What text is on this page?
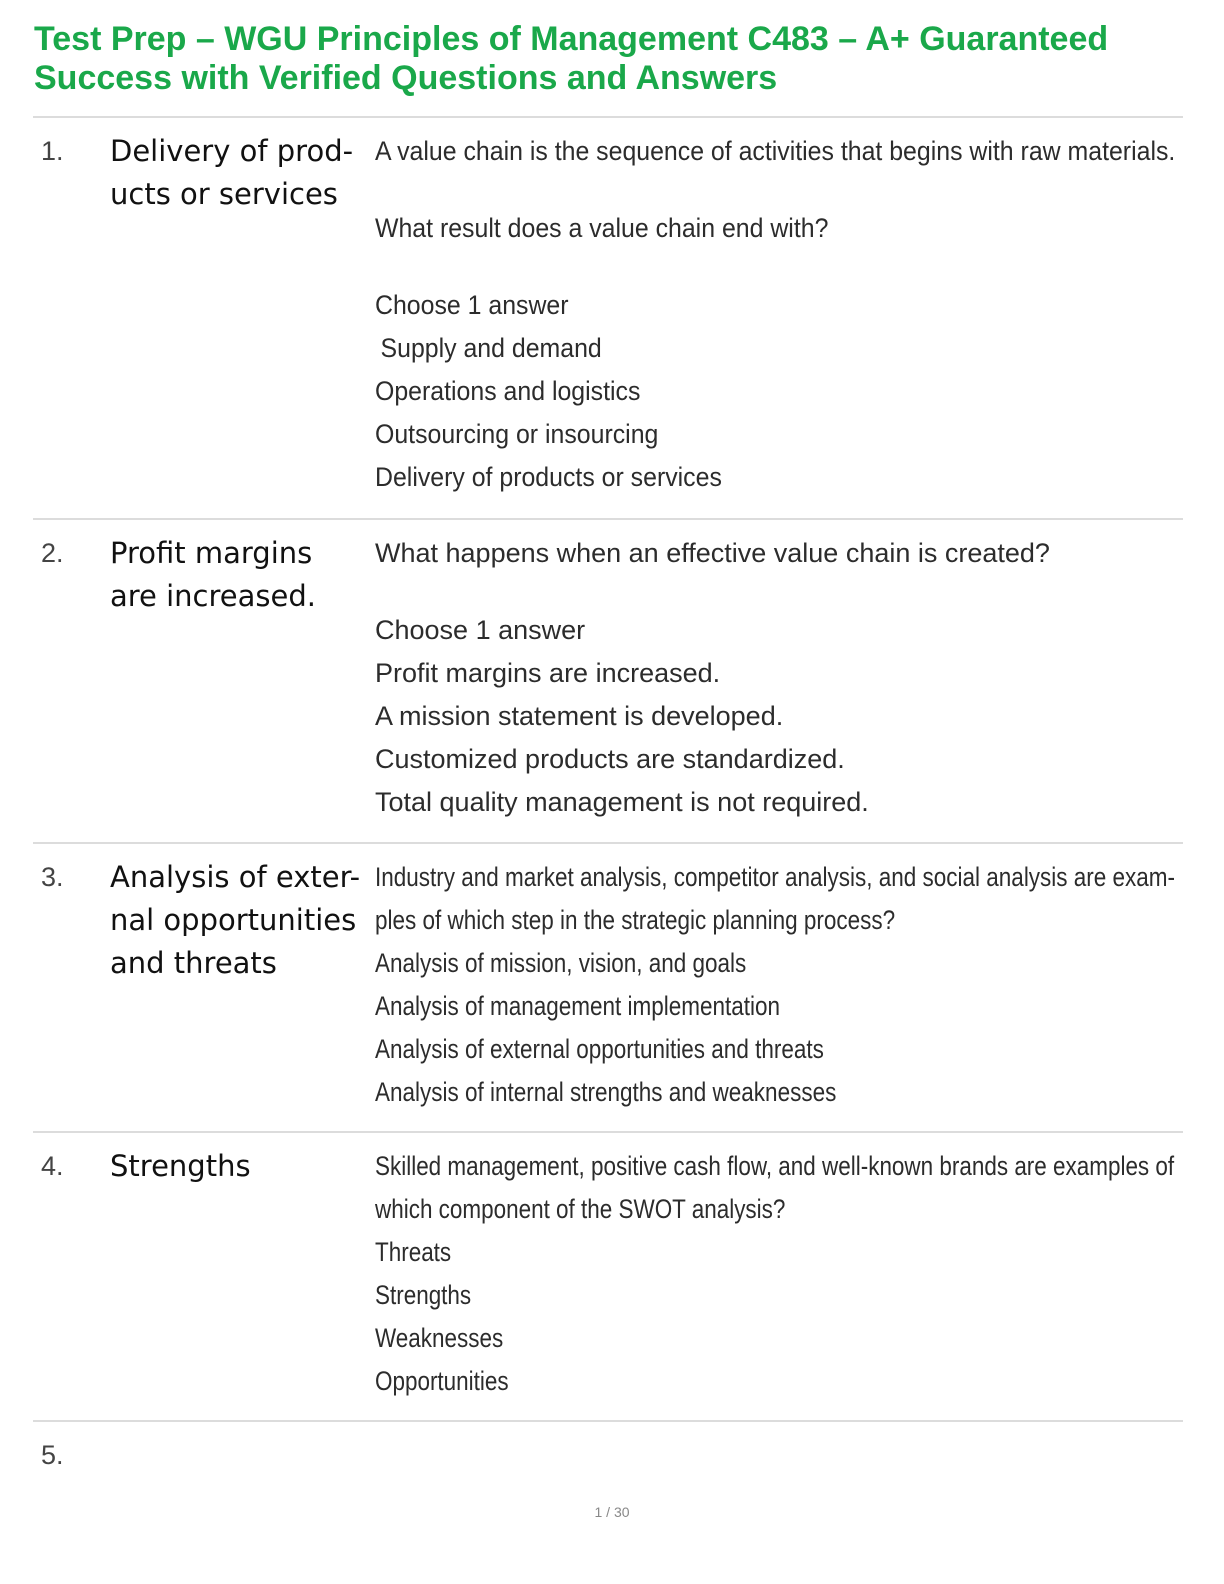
Test Prep – WGU Principles of Management C483 – A+ Guaranteed Success with Verified Questions and Answers
1. Delivery of prod- ucts or services
A value chain is the sequence of activities that begins with raw materials.
What result does a value chain end with?
Choose 1 answer
Supply and demand
Operations and logistics
Outsourcing or insourcing
Delivery of products or services
2. Profit margins are increased.
What happens when an effective value chain is created?
Choose 1 answer
Profit margins are increased.
A mission statement is developed.
Customized products are standardized.
Total quality management is not required.
3. Analysis of exter- nal opportunities and threats
Industry and market analysis, competitor analysis, and social analysis are exam-
ples of which step in the strategic planning process?
Analysis of mission, vision, and goals
Analysis of management implementation
Analysis of external opportunities and threats
Analysis of internal strengths and weaknesses
4. Strengths	Skilled management, positive cash flow, and well-known brands are examples of
which component of the SWOT analysis?
Threats
Strengths
Weaknesses
Opportunities
5.
1 / 30
